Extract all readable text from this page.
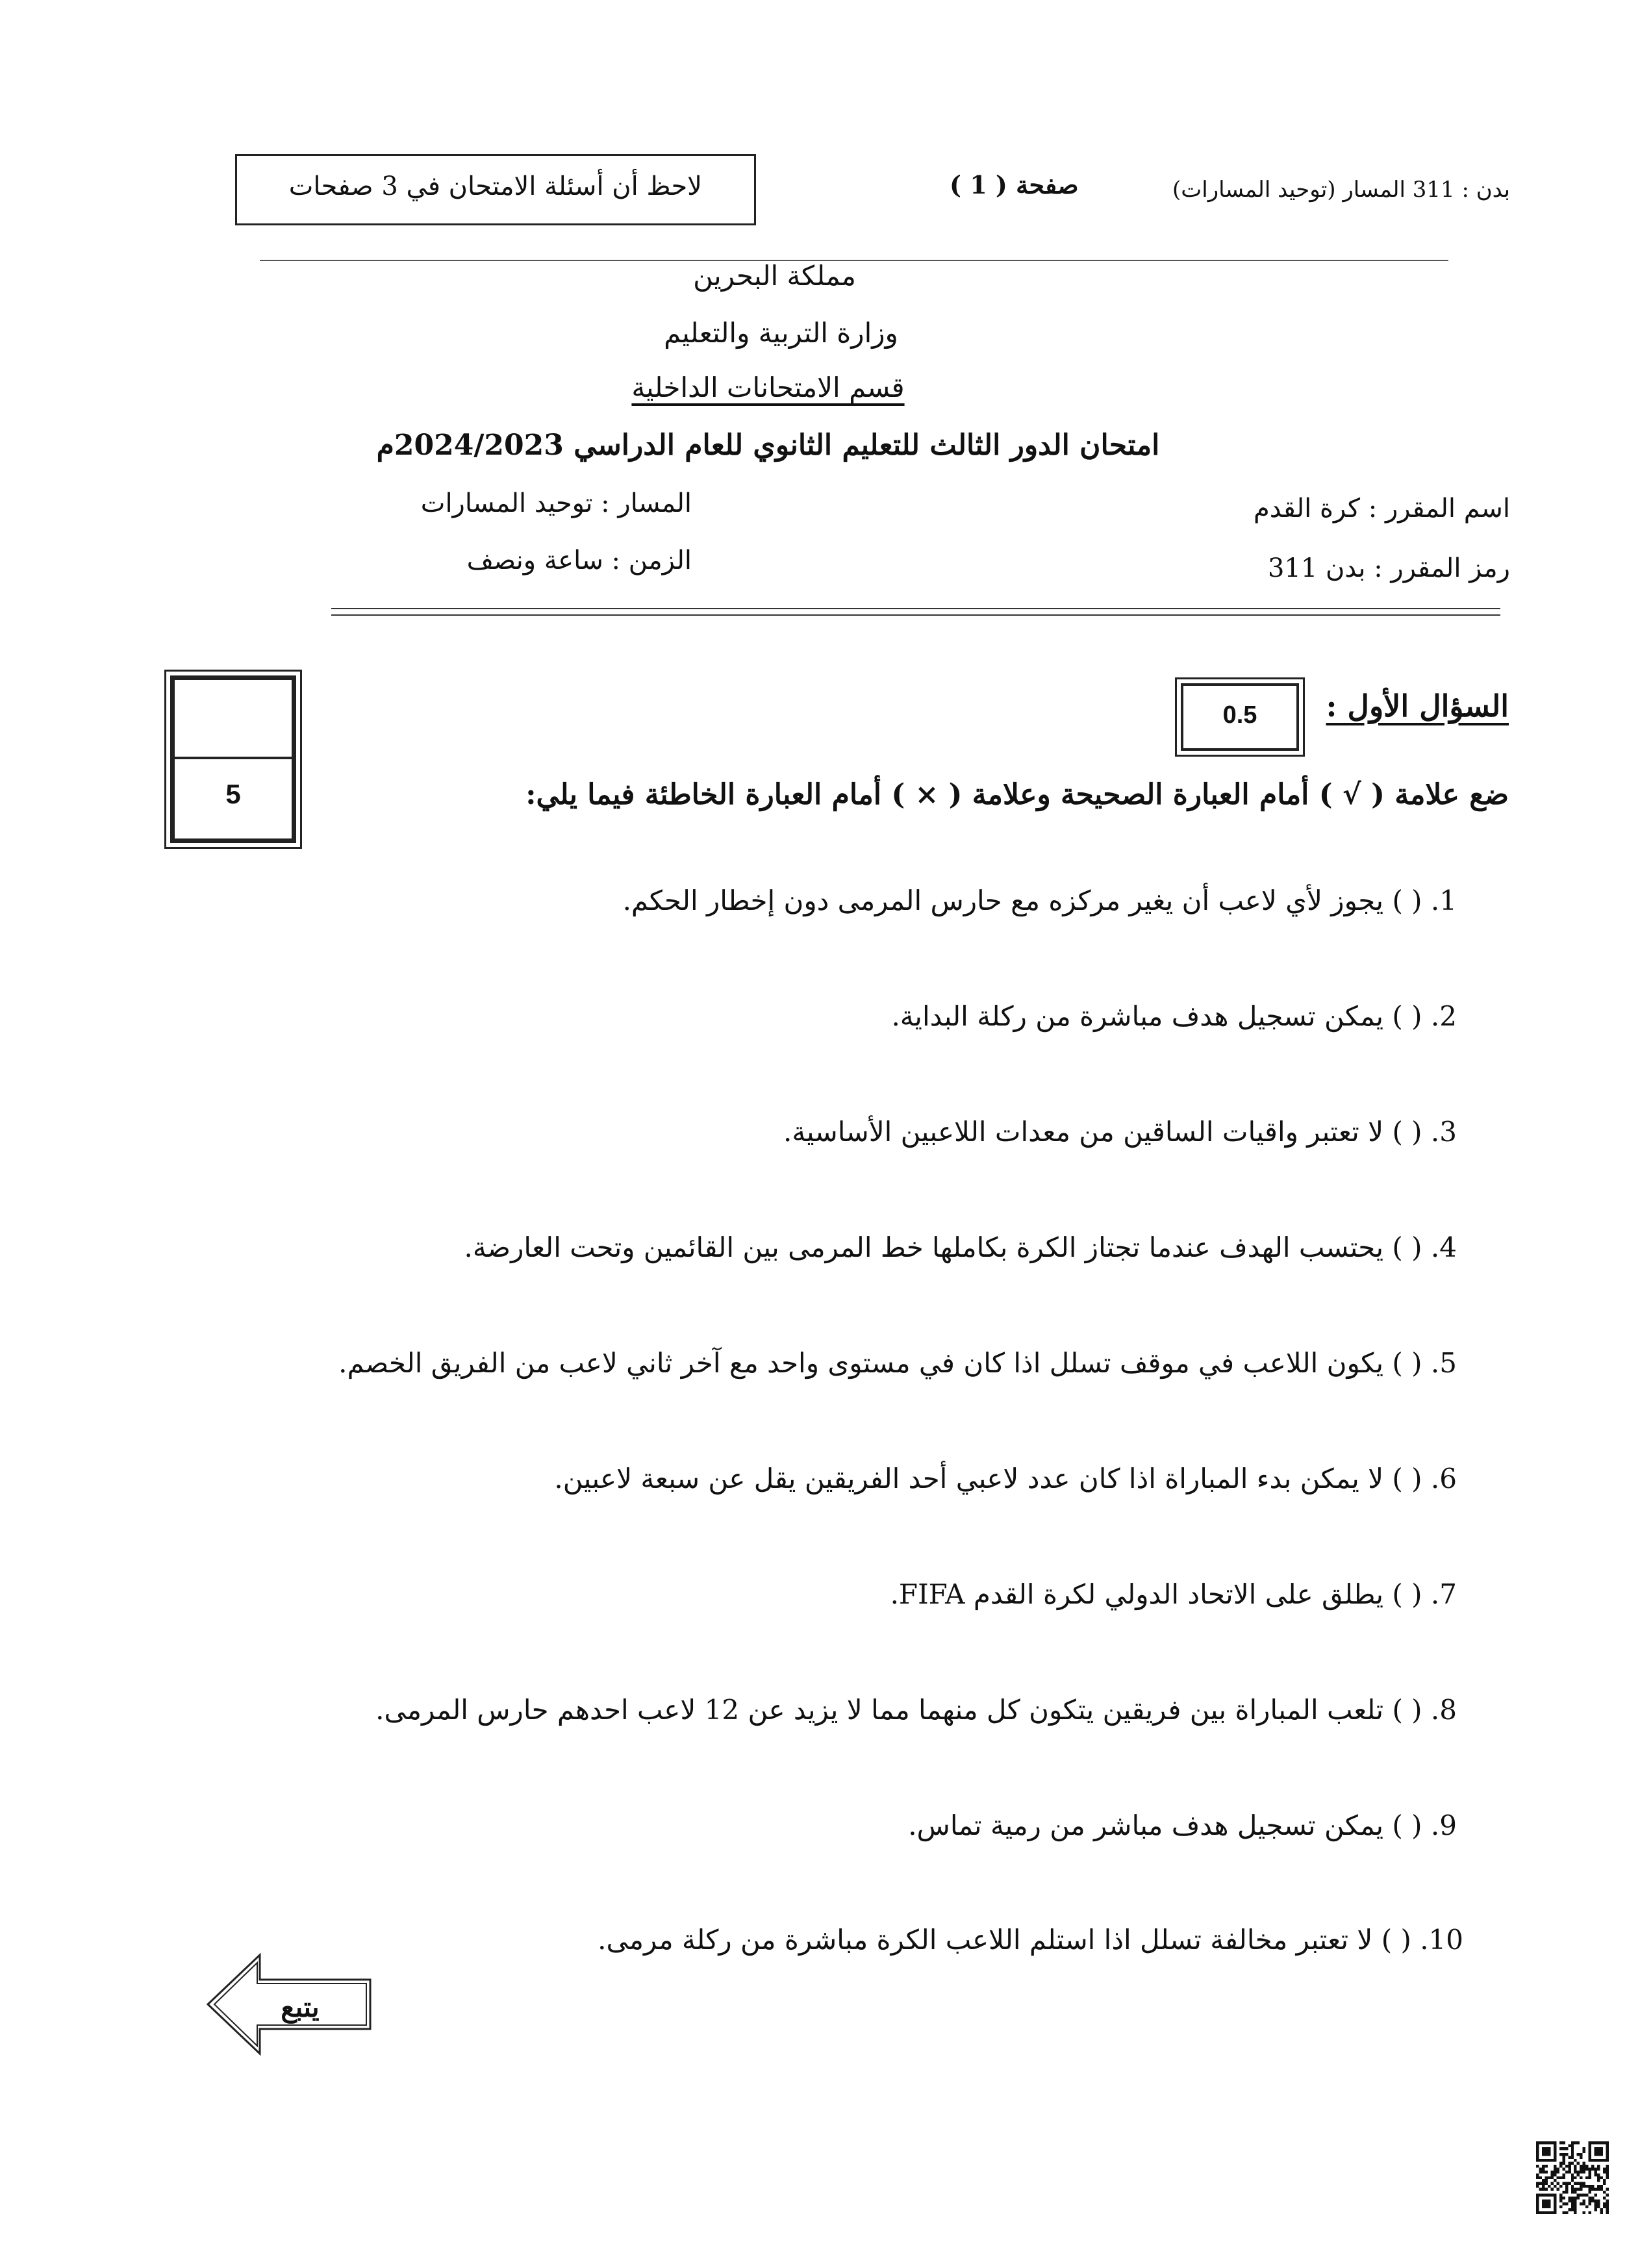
لاحظ أن أسئلة الامتحان في 3 صفحات	صفحة ( 1 )	بدن : 311 المسار (توحيد المسارات)
مملكة البحرين
وزارة التربية والتعليم
قسم الامتحانات الداخلية
امتحان الدور الثالث للتعليم الثانوي للعام الدراسي 2024/2023م
اسم المقرر : كرة القدم
المسار : توحيد المسارات
رمز المقرر : بدن 311
الزمن : ساعة ونصف
5
السؤال الأول :
0.5
ضع علامة ( √ ) أمام العبارة الصحيحة وعلامة ( × ) أمام العبارة الخاطئة فيما يلي:
1. ( ) يجوز لأي لاعب أن يغير مركزه مع حارس المرمى دون إخطار الحكم.
2. ( ) يمكن تسجيل هدف مباشرة من ركلة البداية.
3. ( ) لا تعتبر واقيات الساقين من معدات اللاعبين الأساسية.
4. ( ) يحتسب الهدف عندما تجتاز الكرة بكاملها خط المرمى بين القائمين وتحت العارضة.
5. ( ) يكون اللاعب في موقف تسلل اذا كان في مستوى واحد مع آخر ثاني لاعب من الفريق الخصم.
6. ( ) لا يمكن بدء المباراة اذا كان عدد لاعبي أحد الفريقين يقل عن سبعة لاعبين.
7. ( ) يطلق على الاتحاد الدولي لكرة القدم FIFA.
8. ( ) تلعب المباراة بين فريقين يتكون كل منهما مما لا يزيد عن 12 لاعب احدهم حارس المرمى.
9. ( ) يمكن تسجيل هدف مباشر من رمية تماس.
10. ( ) لا تعتبر مخالفة تسلل اذا استلم اللاعب الكرة مباشرة من ركلة مرمى.
يتبع
